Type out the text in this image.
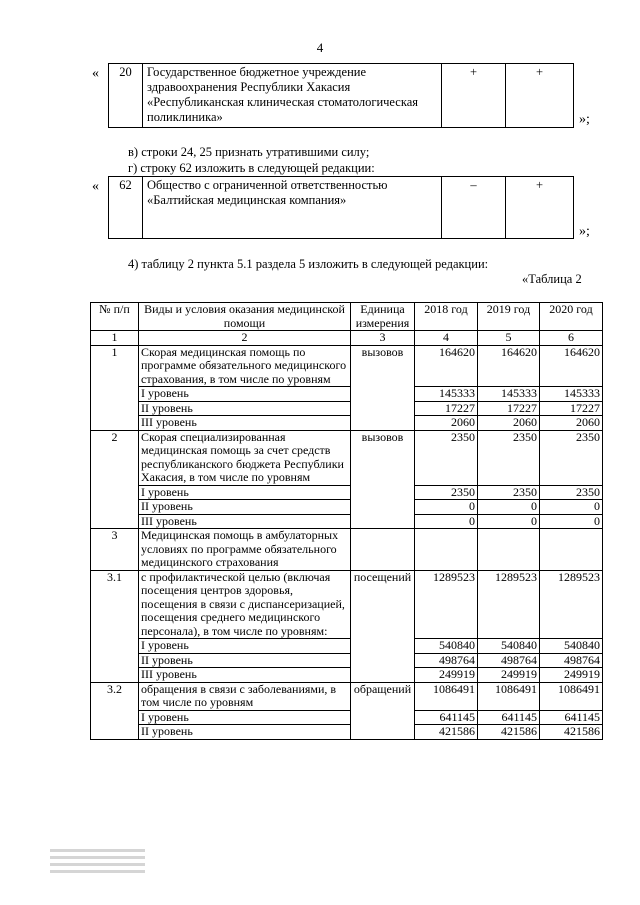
4
« 20	Государственное бюджетное учреждение здравоохранения Республики Хакасия «Республиканская клиническая стоматологическая поликлиника»	+	+
»;
в) строки 24, 25 признать утратившими силу;
г) строку 62 изложить в следующей редакции:
« 62	Общество с ограниченной ответственностью «Балтийская медицинская компания»	–	+
»;
4) таблицу 2 пункта 5.1 раздела 5 изложить в следующей редакции:
«Таблица 2
№ п/п	Виды и условия оказания медицинской помощи	Единица измерения	2018 год	2019 год	2020 год
1	2	3	4	5	6
1	Скорая медицинская помощь по программе обязательного медицинского страхования, в том числе по уровням	вызовов	164620	164620	164620
	I уровень		145333	145333	145333
	II уровень		17227	17227	17227
	III уровень		2060	2060	2060
2	Скорая специализированная медицинская помощь за счет средств республиканского бюджета Республики Хакасия, в том числе по уровням	вызовов	2350	2350	2350
	I уровень		2350	2350	2350
	II уровень		0	0	0
	III уровень		0	0	0
3	Медицинская помощь в амбулаторных условиях по программе обязательного медицинского страхования				
3.1	с профилактической целью (включая посещения центров здоровья, посещения в связи с диспансеризацией, посещения среднего медицинского персонала), в том числе по уровням:	посещений	1289523	1289523	1289523
	I уровень		540840	540840	540840
	II уровень		498764	498764	498764
	III уровень		249919	249919	249919
3.2	обращения в связи с заболеваниями, в том числе по уровням	обращений	1086491	1086491	1086491
	I уровень		641145	641145	641145
	II уровень		421586	421586	421586
